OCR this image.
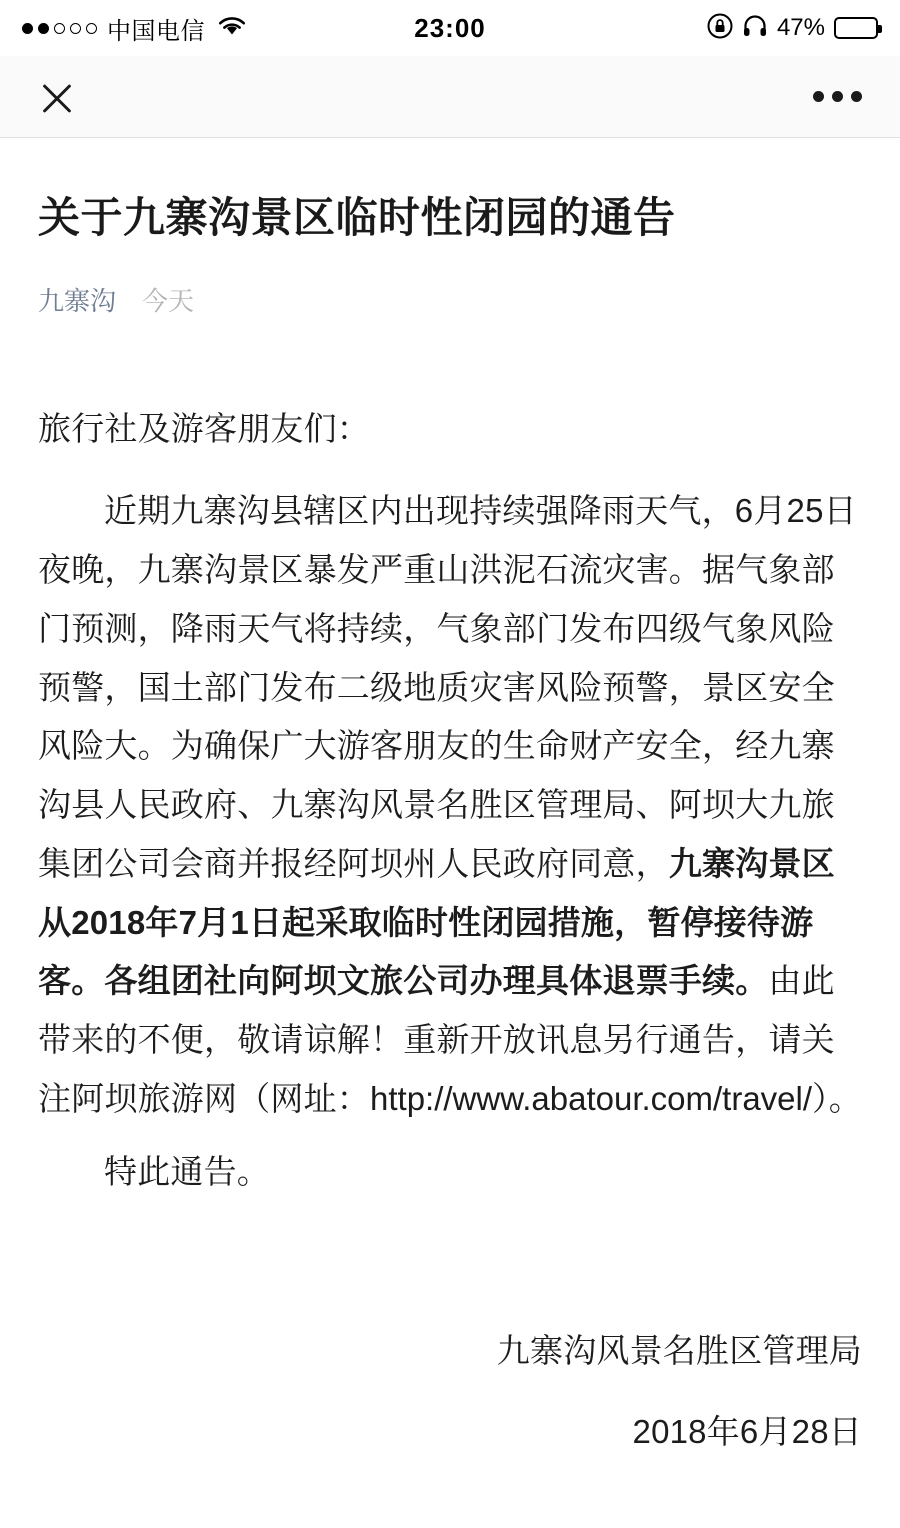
中国电信	23:00	47%
关于九寨沟景区临时性闭园的通告
九寨沟 今天

旅行社及游客朋友们：

近期九寨沟县辖区内出现持续强降雨天气，6月25日夜晚，九寨沟景区暴发严重山洪泥石流灾害。据气象部门预测，降雨天气将持续，气象部门发布四级气象风险预警，国土部门发布二级地质灾害风险预警，景区安全风险大。为确保广大游客朋友的生命财产安全，经九寨沟县人民政府、九寨沟风景名胜区管理局、阿坝大九旅集团公司会商并报经阿坝州人民政府同意，九寨沟景区从2018年7月1日起采取临时性闭园措施，暂停接待游客。各组团社向阿坝文旅公司办理具体退票手续。由此带来的不便，敬请谅解！重新开放讯息另行通告，请关注阿坝旅游网（网址：http://www.abatour.com/travel/）。

特此通告。

九寨沟风景名胜区管理局
2018年6月28日
